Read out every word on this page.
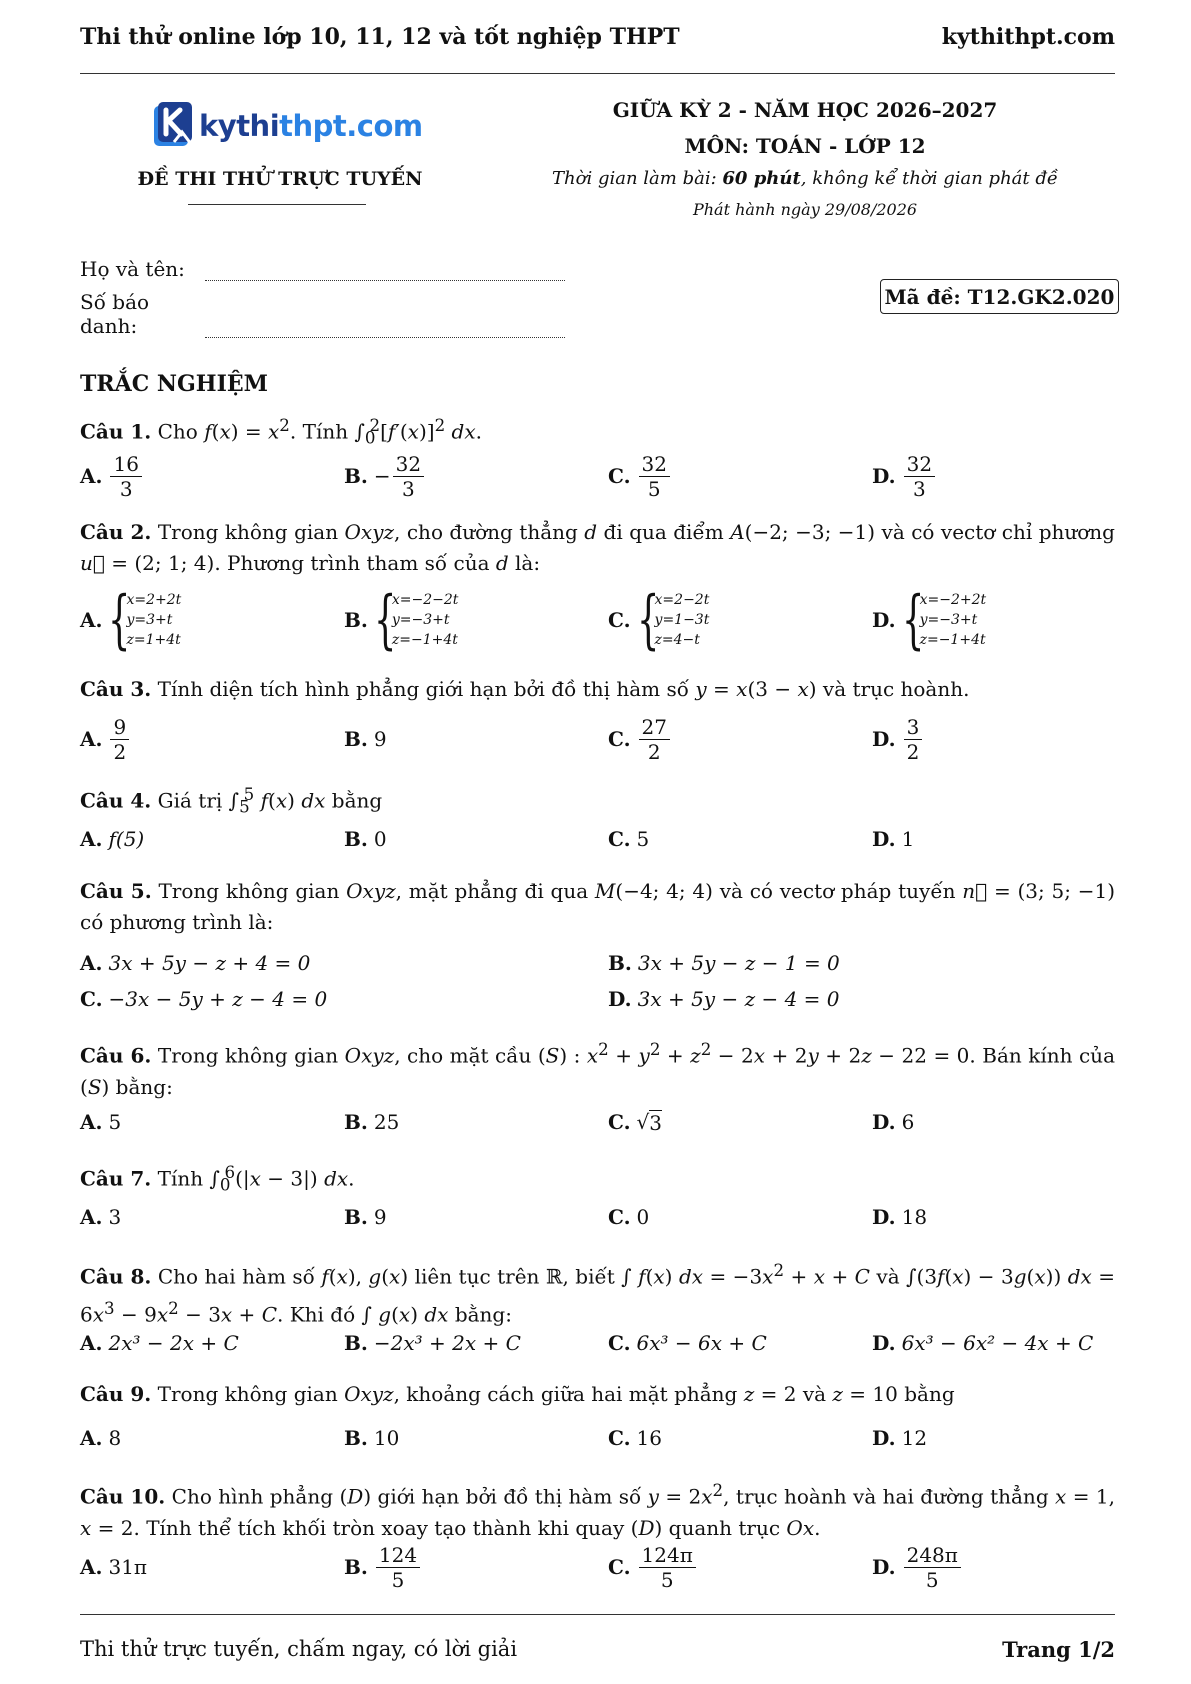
Thi thử online lớp 10, 11, 12 và tốt nghiệp THPT	kythithpt.com
kythithpt.com
ĐỀ THI THỬ TRỰC TUYẾN
GIỮA KỲ 2 - NĂM HỌC 2026–2027
MÔN: TOÁN - LỚP 12
Thời gian làm bài: 60 phút, không kể thời gian phát đề
Phát hành ngày 29/08/2026
Họ và tên:
Số báo danh:
Mã đề: T12.GK2.020
TRẮC NGHIỆM
Câu 1. Cho $f(x) = x^2$. Tính $\int_0^2[f'(x)]^2$ dx.
A. $\frac{16}{3}$	B. − $\frac{32}{3}$	C. $\frac{32}{5}$	D. $\frac{32}{3}$
Câu 2. Trong không gian Oxyz, cho đường thẳng d đi qua điểm A(−2; −3; −1) và có vectơ chỉ phương u⃗ = (2; 1; 4). Phương trình tham số của d là:
A. {
x=2+2t
y=3+t
z=1+4t
B. {
x=−2−2t
y=−3+t
z=−1+4t
C. {
x=2−2t
y=1−3t
z=4−t
D. {
x=−2+2t
y=−3+t
z=−1+4t
Câu 3. Tính diện tích hình phẳng giới hạn bởi đồ thị hàm số y = x(3 − x) và trục hoành.
A. $\frac{9}{2}$	B. 9	C. $\frac{27}{2}$	D. $\frac{3}{2}$
Câu 4. Giá trị $\int_5^5$ f(x) dx bằng
A. f(5)	B. 0	C. 5	D. 1
Câu 5. Trong không gian Oxyz, mặt phẳng đi qua M(−4; 4; 4) và có vectơ pháp tuyến n⃗ = (3; 5; −1) có phương trình là:
A. 3x + 5y − z + 4 = 0	B. 3x + 5y − z − 1 = 0
C. −3x − 5y + z − 4 = 0	D. 3x + 5y − z − 4 = 0
Câu 6. Trong không gian Oxyz, cho mặt cầu (S) : $x^2 + y^2 + z^2 - 2x + 2y + 2z - 22 = 0$. Bán kính của (S) bằng:
A. 5	B. 25	C. √ 3	D. 6
Câu 7. Tính $\int_0^6(|x - 3|)$ dx.
A. 3	B. 9	C. 0	D. 18
Câu 8. Cho hai hàm số f(x), g(x) liên tục trên ℝ, biết ∫ f(x) dx = $-3x^2 + x + C$ và ∫(3f(x) − 3g(x)) dx = $6x^3 - 9x^2 - 3x + C$. Khi đó ∫ g(x) dx bằng:
A. 2x³ − 2x + C	B. −2x³ + 2x + C	C. 6x³ − 6x + C	D. 6x³ − 6x² − 4x + C
Câu 9. Trong không gian Oxyz, khoảng cách giữa hai mặt phẳng z = 2 và z = 10 bằng
A. 8	B. 10	C. 16	D. 12
Câu 10. Cho hình phẳng (D) giới hạn bởi đồ thị hàm số $y = 2x^2$, trục hoành và hai đường thẳng x = 1, x = 2. Tính thể tích khối tròn xoay tạo thành khi quay (D) quanh trục Ox.
A. 31π	B. $\frac{124}{5}$	C. $\frac{124\pi}{5}$	D. $\frac{248\pi}{5}$
Thi thử trực tuyến, chấm ngay, có lời giải	Trang 1/2
